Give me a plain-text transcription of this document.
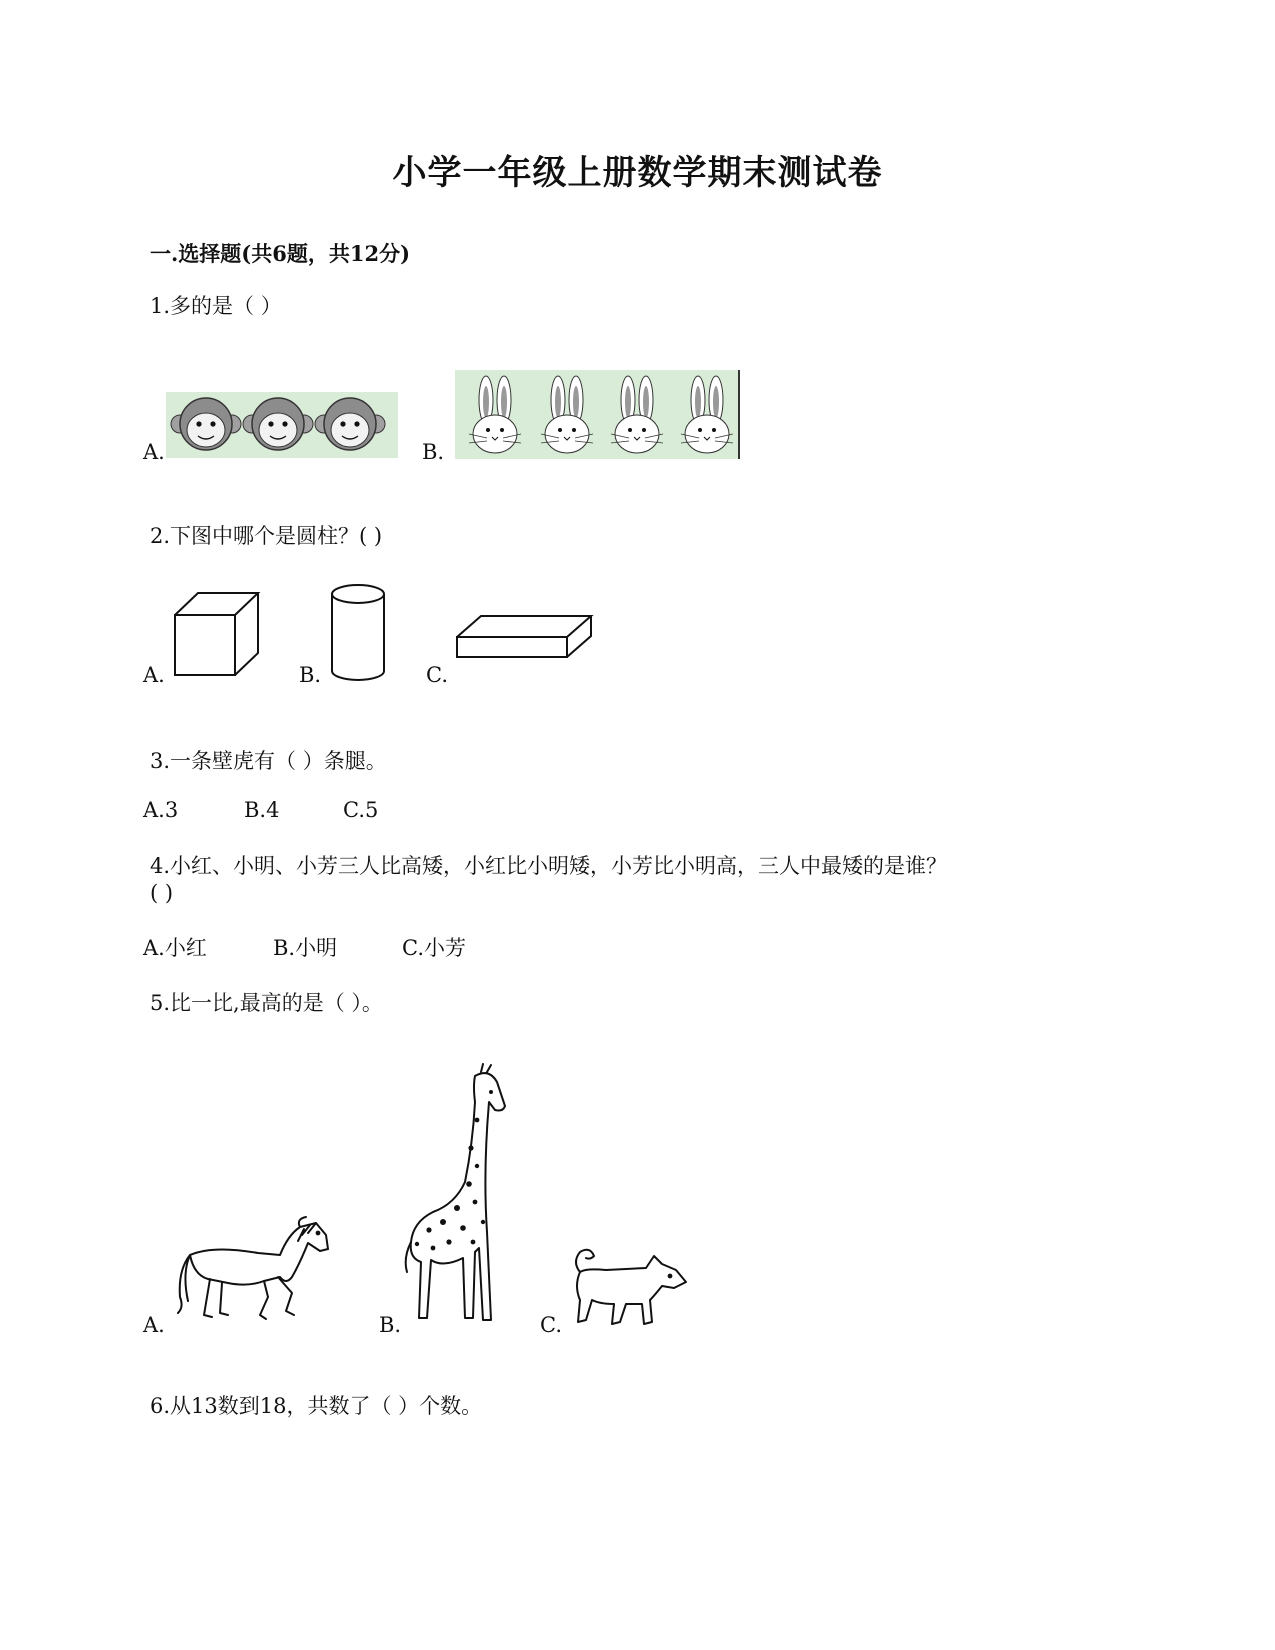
小学一年级上册数学期末测试卷
一.选择题(共6题，共12分)
1.多的是（ ）
A.	B.
2.下图中哪个是圆柱？( )
A.	B.	C.
3.一条壁虎有（ ）条腿。
A.3	B.4	C.5
4.小红、小明、小芳三人比高矮，小红比小明矮，小芳比小明高，三人中最矮的是谁？
( )
A.小红	B.小明	C.小芳
5.比一比,最高的是（ ）。
A.	B.	C.
6.从13数到18，共数了（ ）个数。
